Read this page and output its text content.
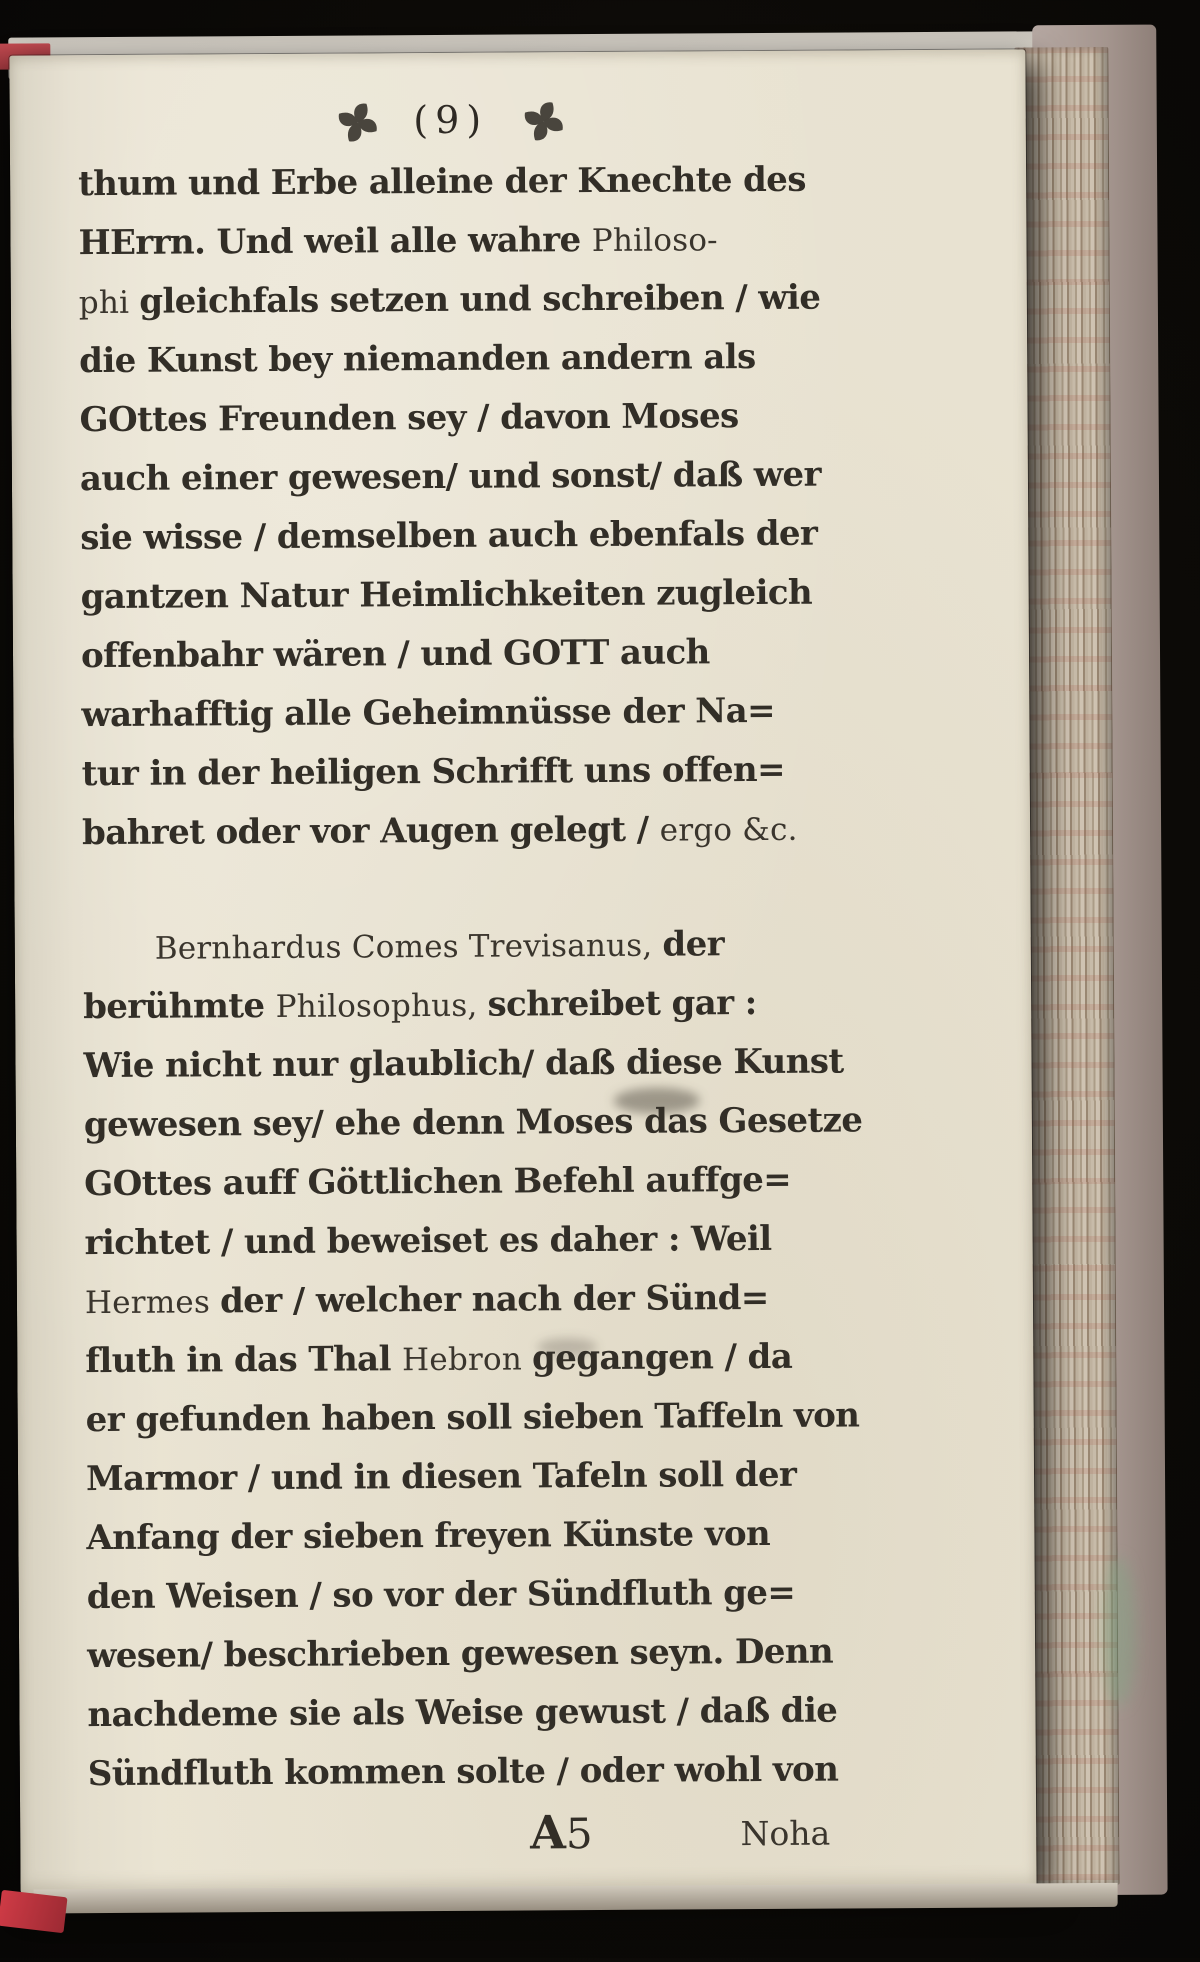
(9)
thum und Erbe alleine der Knechte des
HErrn. Und weil alle wahre Philoso-
phi gleichfals setzen und schreiben / wie
die Kunst bey niemanden andern als
GOttes Freunden sey / davon Moses
auch einer gewesen/ und sonst/ daß wer
sie wisse / demselben auch ebenfals der
gantzen Natur Heimlichkeiten zugleich
offenbahr wären / und GOTT auch
warhafftig alle Geheimnüsse der Na=
tur in der heiligen Schrifft uns offen=
bahret oder vor Augen gelegt / ergo &c.
Bernhardus Comes Trevisanus, der
berühmte Philosophus, schreibet gar :
Wie nicht nur glaublich/ daß diese Kunst
gewesen sey/ ehe denn Moses das Gesetze
GOttes auff Göttlichen Befehl auffge=
richtet / und beweiset es daher : Weil
Hermes der / welcher nach der Sünd=
fluth in das Thal Hebron gegangen / da
er gefunden haben soll sieben Taffeln von
Marmor / und in diesen Tafeln soll der
Anfang der sieben freyen Künste von
den Weisen / so vor der Sündfluth ge=
wesen/ beschrieben gewesen seyn. Denn
nachdeme sie als Weise gewust / daß die
Sündfluth kommen solte / oder wohl von
A5	Noha
